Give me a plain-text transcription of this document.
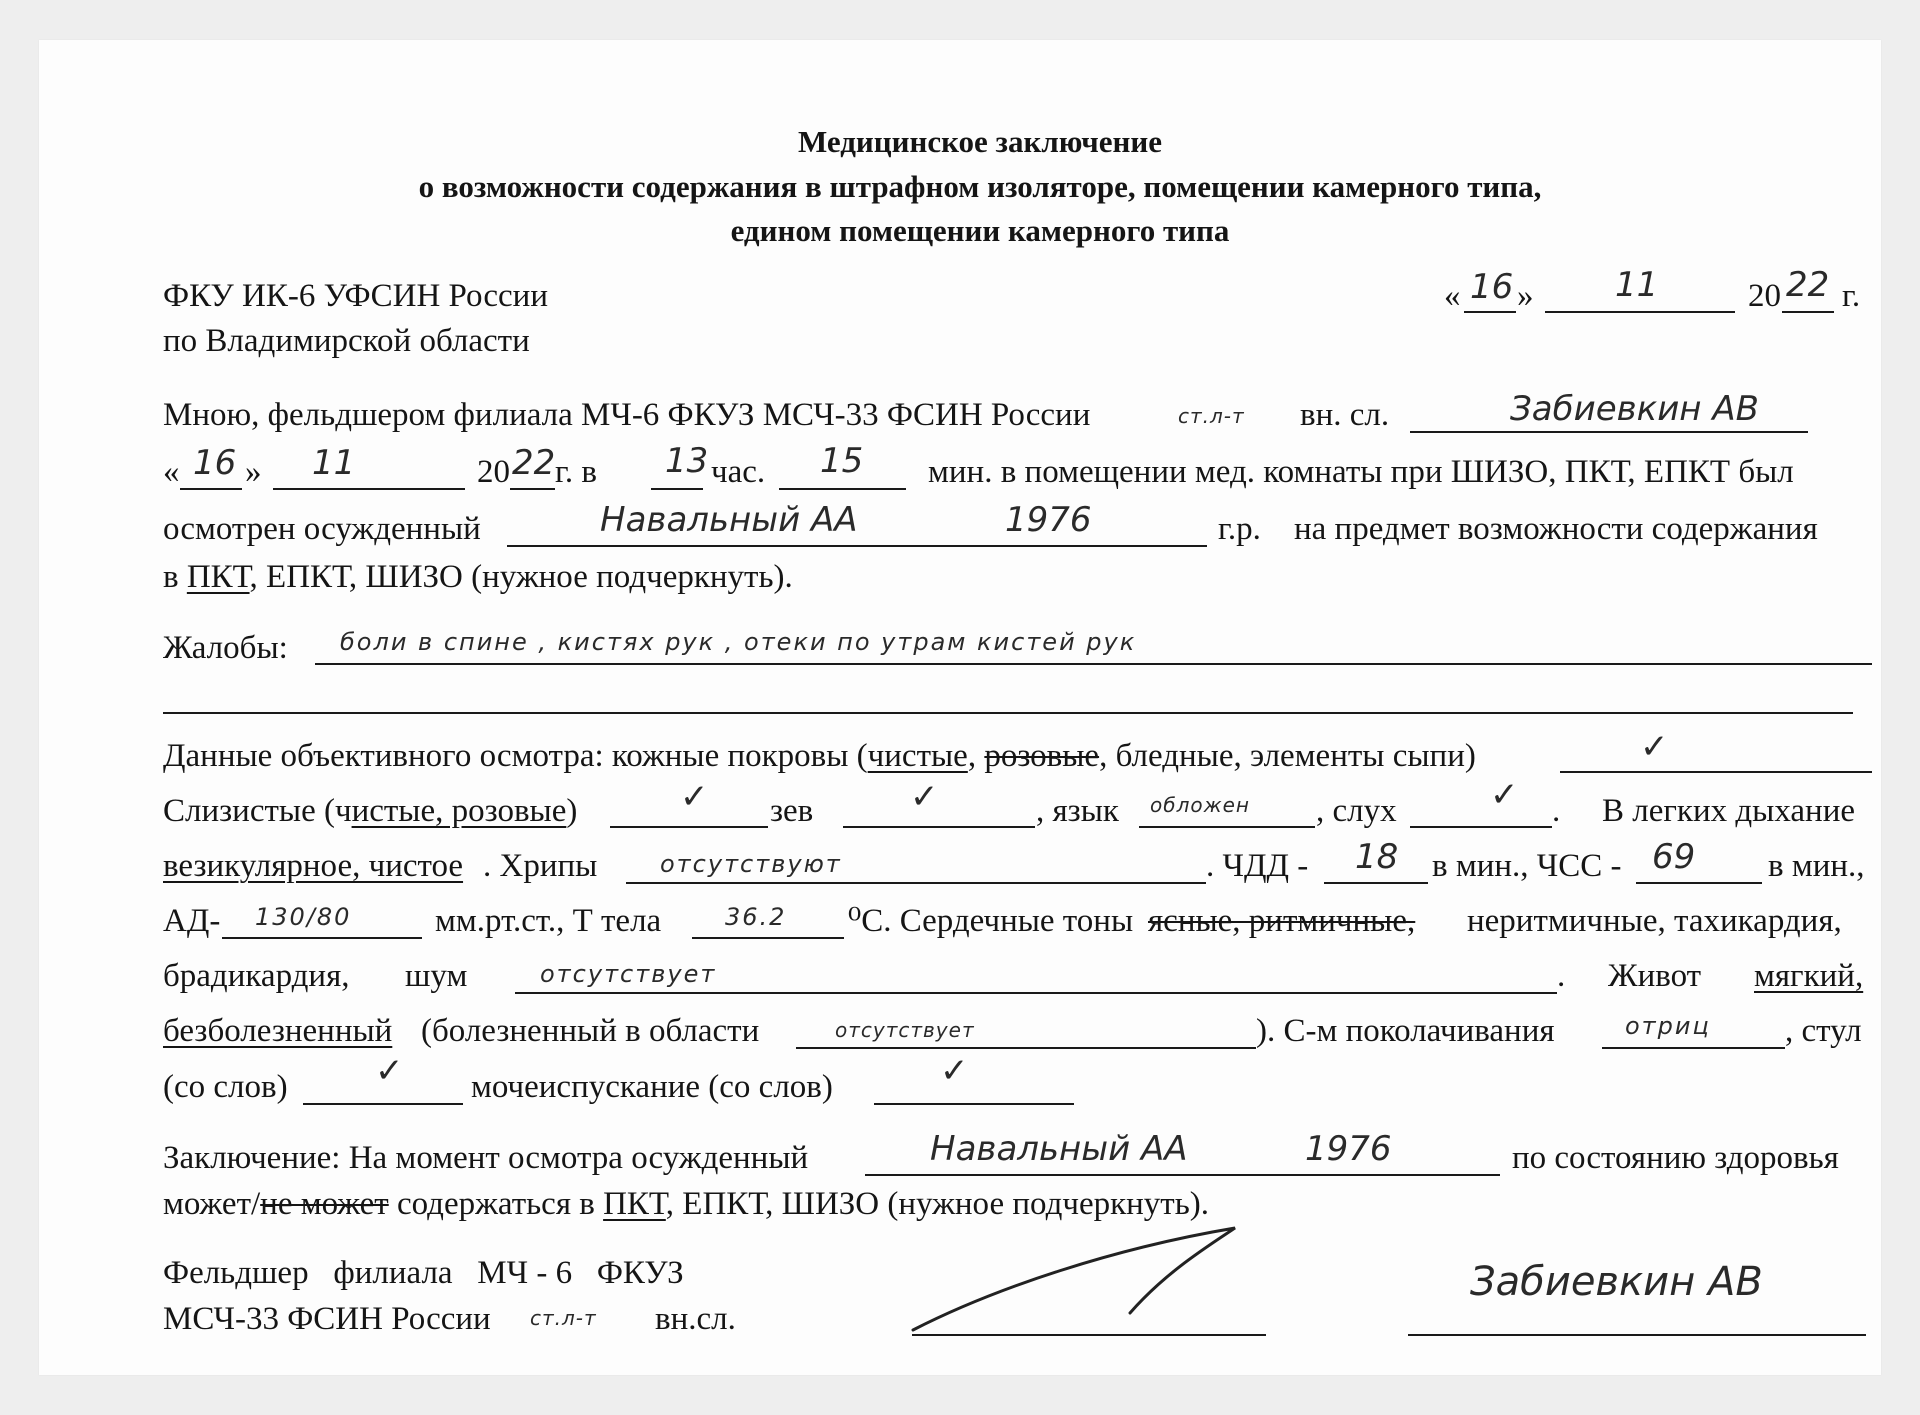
Медицинское заключение
о возможности содержания в штрафном изоляторе, помещении камерного типа,
едином помещении камерного типа
ФКУ ИК-6 УФСИН России
по Владимирской области
« 16 » 11	20 22 г.
Мною, фельдшером филиала МЧ-6 ФКУЗ МСЧ-33 ФСИН России	ст.л-т вн. сл.	Забиевкин АВ
« 16 » 11	20 22 г. в 13 час. 15 мин. в помещении мед. комнаты при ШИЗО, ПКТ, ЕПКТ был
осмотрен осужденный	Навальный АА	1976	г.р. на предмет возможности содержания
в ПКТ, ЕПКТ, ШИЗО (нужное подчеркнуть).
Жалобы: боли в спине , кистях рук , отеки по утрам кистей рук
Данные объективного осмотра: кожные покровы (чистые, розовые, бледные, элементы сыпи)	✓
Слизистые (чистые, розовые)	✓ зев	✓	, язык обложен , слух	✓ . В легких дыхание
везикулярное, чистое . Хрипы	отсутствуют	. ЧДД - 18 в мин., ЧСС - 69 в мин.,
АД- 130/80	мм.рт.ст., Т тела	36.2 ⁰С. Сердечные тоны ясные, ритмичные, неритмичные, тахикардия,
брадикардия, шум	отсутствует	. Живот мягкий,
безболезненный (болезненный в области	отсутствует	). С-м поколачивания	отриц , стул
(со слов)	✓ мочеиспускание (со слов)	✓
Заключение: На момент осмотра осужденный	Навальный АА	1976	по состоянию здоровья
может/не может содержаться в ПКТ, ЕПКТ, ШИЗО (нужное подчеркнуть).
Фельдшер   филиала   МЧ - 6   ФКУЗ
МСЧ-33 ФСИН России ст.л-т вн.сл.
Забиевкин АВ
